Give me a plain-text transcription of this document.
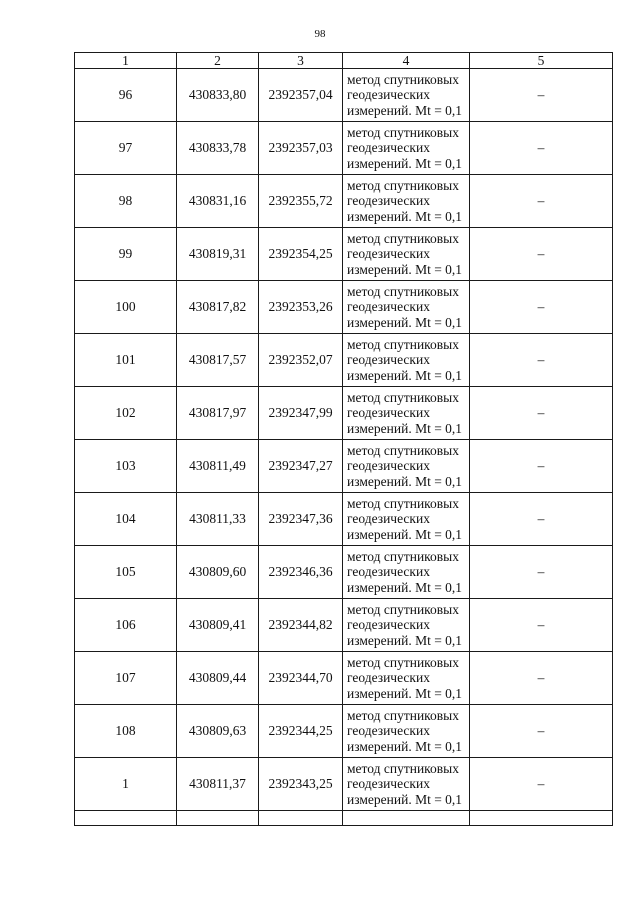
98
1	2	3	4	5
96	430833,80	2392357,04	метод спутниковых
геодезических
измерений. Mt = 0,1	–
97	430833,78	2392357,03	метод спутниковых
геодезических
измерений. Mt = 0,1	–
98	430831,16	2392355,72	метод спутниковых
геодезических
измерений. Mt = 0,1	–
99	430819,31	2392354,25	метод спутниковых
геодезических
измерений. Mt = 0,1	–
100	430817,82	2392353,26	метод спутниковых
геодезических
измерений. Mt = 0,1	–
101	430817,57	2392352,07	метод спутниковых
геодезических
измерений. Mt = 0,1	–
102	430817,97	2392347,99	метод спутниковых
геодезических
измерений. Mt = 0,1	–
103	430811,49	2392347,27	метод спутниковых
геодезических
измерений. Mt = 0,1	–
104	430811,33	2392347,36	метод спутниковых
геодезических
измерений. Mt = 0,1	–
105	430809,60	2392346,36	метод спутниковых
геодезических
измерений. Mt = 0,1	–
106	430809,41	2392344,82	метод спутниковых
геодезических
измерений. Mt = 0,1	–
107	430809,44	2392344,70	метод спутниковых
геодезических
измерений. Mt = 0,1	–
108	430809,63	2392344,25	метод спутниковых
геодезических
измерений. Mt = 0,1	–
1	430811,37	2392343,25	метод спутниковых
геодезических
измерений. Mt = 0,1	–
